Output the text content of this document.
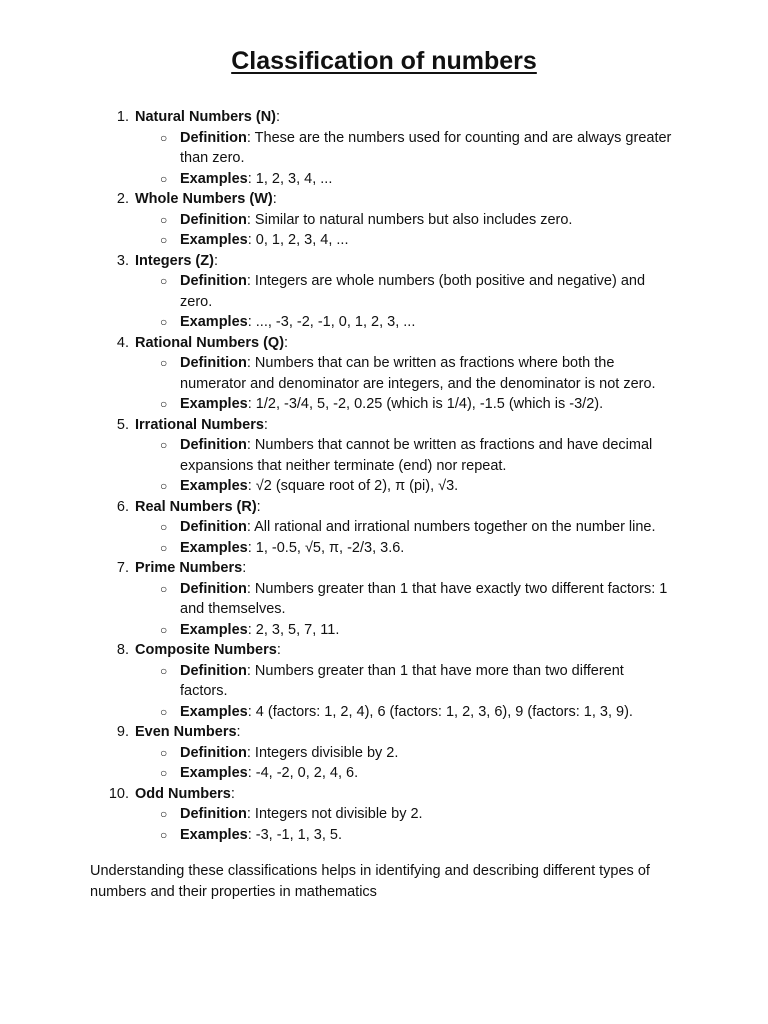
Classification of numbers
1. Natural Numbers (N):
○ Definition: These are the numbers used for counting and are always greater than zero.
○ Examples: 1, 2, 3, 4, ...
2. Whole Numbers (W):
○ Definition: Similar to natural numbers but also includes zero.
○ Examples: 0, 1, 2, 3, 4, ...
3. Integers (Z):
○ Definition: Integers are whole numbers (both positive and negative) and zero.
○ Examples: ..., -3, -2, -1, 0, 1, 2, 3, ...
4. Rational Numbers (Q):
○ Definition: Numbers that can be written as fractions where both the numerator and denominator are integers, and the denominator is not zero.
○ Examples: 1/2, -3/4, 5, -2, 0.25 (which is 1/4), -1.5 (which is -3/2).
5. Irrational Numbers:
○ Definition: Numbers that cannot be written as fractions and have decimal expansions that neither terminate (end) nor repeat.
○ Examples: √2 (square root of 2), π (pi), √3.
6. Real Numbers (R):
○ Definition: All rational and irrational numbers together on the number line.
○ Examples: 1, -0.5, √5, π, -2/3, 3.6.
7. Prime Numbers:
○ Definition: Numbers greater than 1 that have exactly two different factors: 1 and themselves.
○ Examples: 2, 3, 5, 7, 11.
8. Composite Numbers:
○ Definition: Numbers greater than 1 that have more than two different factors.
○ Examples: 4 (factors: 1, 2, 4), 6 (factors: 1, 2, 3, 6), 9 (factors: 1, 3, 9).
9. Even Numbers:
○ Definition: Integers divisible by 2.
○ Examples: -4, -2, 0, 2, 4, 6.
10. Odd Numbers:
○ Definition: Integers not divisible by 2.
○ Examples: -3, -1, 1, 3, 5.
Understanding these classifications helps in identifying and describing different types of numbers and their properties in mathematics
